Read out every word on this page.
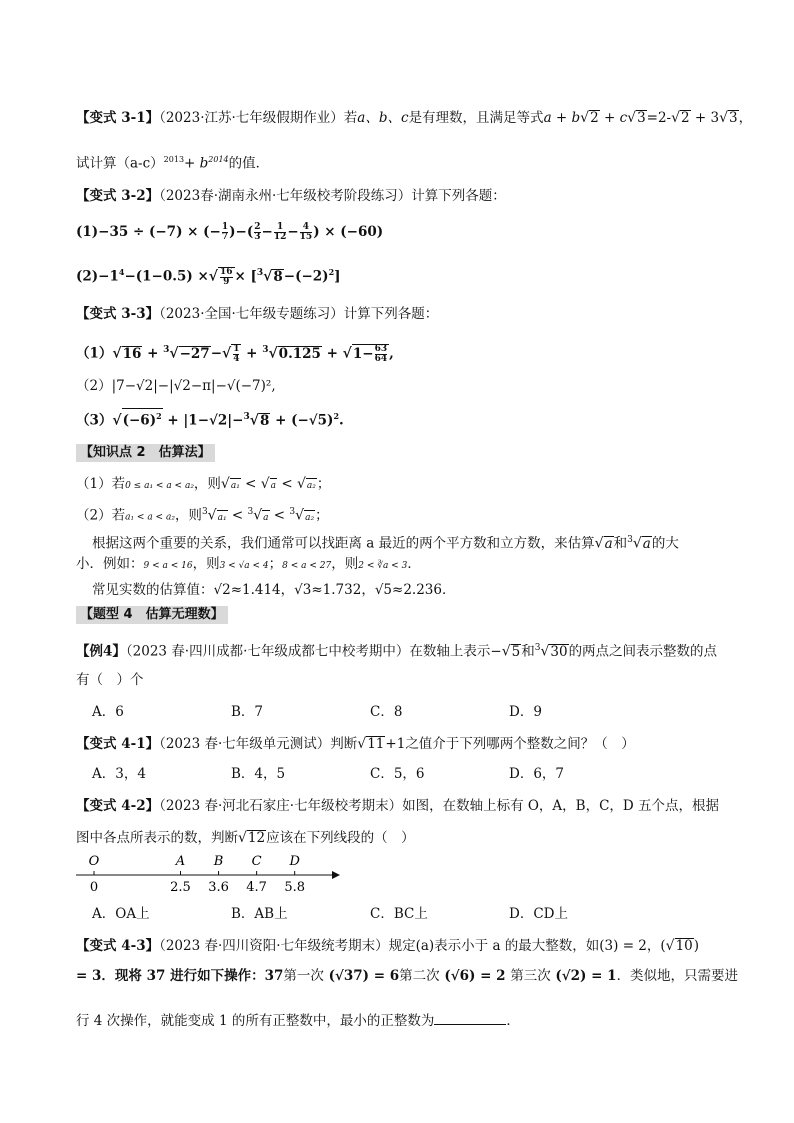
【变式 3-1】（2023·江苏·七年级假期作业）若a、b、c是有理数，且满足等式a + b√2 + c√3=2-√2 + 3√3，
试计算$(a-c)^{2013}+ b^{2014}$的值．
【变式 3-2】（2023春·湖南永州·七年级校考阶段练习）计算下列各题：
(1)−35 ÷ (−7) × (− $\frac{1}{7}$ )−( $\frac{2}{3} - \frac{1}{12} - \frac{4}{15}$ ) × (−60)
$(2)-1^4-(1-0.5)$ ×√ $\frac{16}{9} \times [^3√8-(-2)^2]$
【变式 3-3】（2023·全国·七年级专题练习）计算下列各题：
$(1)√16 + ^3√-27-√ \frac{1}{4} + ^3√0.125 + √1- \frac{63}{64}$ ,
（2）|7−√2|−|√2−π|−√(−7)²,
$(3)√(-6)^2 + |1-√2|-^3√8 + (-√5)^2$.
【知识点 2　估算法】
（1）若0 ≤ a₁ < a < a₂，则√a₁ < √a < √a₂；
（2）若a₁ < a < a₂，则$^3$√a₁ < $^3$√a < $^3$√a₂；
根据这两个重要的关系，我们通常可以找距离 a 最近的两个平方数和立方数，来估算√a和$^3$√a的大
小．例如：9 < a < 16，则3 < √a < 4；8 < a < 27，则2 < ∛a < 3．
常见实数的估算值：√2≈1.414，√3≈1.732，√5≈2.236．
【题型 4　估算无理数】
【例4】（2023 春·四川成都·七年级成都七中校考期中）在数轴上表示−√5和$^3$√30的两点之间表示整数的点
有（　）个
A．6	B．7	C．8	D．9
【变式 4-1】（2023 春·七年级单元测试）判断√11+1之值介于下列哪两个整数之间？（　）
A．3，4	B．4，5	C．5，6	D．6，7
【变式 4-2】（2023 春·河北石家庄·七年级校考期末）如图，在数轴上标有 O，A，B，C，D 五个点，根据
图中各点所表示的数，判断√12应该在下列线段的（　）
O
0
A
2.5
B
3.6
C
4.7
D
5.8
A．OA上	B．AB上	C．BC上	D．CD上
【变式 4-3】（2023 春·四川资阳·七年级统考期末）规定(a)表示小于 a 的最大整数，如(3) = 2，(√10)
= 3．现将 37 进行如下操作：37第一次 (√37) = 6第二次 (√6) = 2 第三次 (√2) = 1．类似地，只需要进
行 4 次操作，就能变成 1 的所有正整数中，最小的正整数为	．
